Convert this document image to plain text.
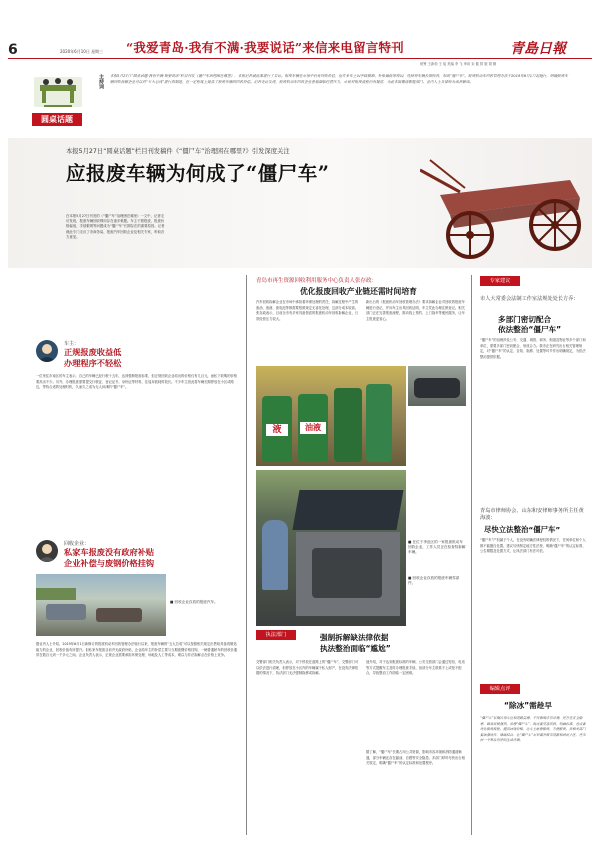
6	2020年6月10日 星期三 “我爱青岛·我有不满·我要说话”来信来电留言特刊	青島日報
统筹 王新勃 王 瑶 美编 李 飞 审读 宋 健 排 版 胡 勤
圆桌话题
主持词 本报5月27日“圆桌话题·我有不满·我要说话”栏目刊发《僵尸车治理困在哪里》，本报记者就此事进行了采访。报废车辆在市场中仍有回收价值，但许多车主因手续繁琐、补贴偏低等原因，选择将车辆长期停放，形成“僵尸车”。报废机动车回收管理办法于2019年6月1日起施行，明确报废车辆回收拆解企业可以对“五大总成”进行再制造，在一定程度上提高了报废车辆的回收价值。记者走访发现，报废机动车回收企业普遍面临经营压力，市民对报废流程仍有疑虑，为此本版邀请职能部门、业内人士及律师为读者解读。
本报5月27日“圆桌话题”栏目刊发稿件《“僵尸车”治理困在哪里?》引发深度关注
应报废车辆为何成了“僵尸车”
在本报5月27日刊发的《“僵尸车”治理困在哪里》一文中，记者走访发现，报废车辆回收利用存在诸多难题。车主不愿报废、报废价格偏低、手续繁琐等问题成为“僵尸车”长期存在的重要原因。记者就此专门走访了市商务局、报废汽车回收企业及相关专家，听取各方意见。
车主：
正规报废收益低
办理程序不轻松
一位家住市南区的车主表示，自己的车辆已经行驶十五年，达到强制报废标准，但正规回收企业给出的价格仅有几百元，而私下收购的价格要高出不少。另外，办理报废需要提交行驶证、登记证书、身份证等材料，往返奔波耗时较长。不少车主因此将车辆长期停放在小区或路边，等待合适的处理时机，久而久之成为无人问津的“僵尸车”。
回收企业：
私家车报废没有政府补贴
企业补偿与废钢价格挂钩
■ 回收企业存放的报废汽车。
据业内人士介绍，2019年6月1日新修订的报废机动车回收管理办法施行以来，报废车辆的“五大总成”可以按照相关规定出售给具备再制造能力的企业，回收价值有所提升。但私家车报废目前并无政府补贴，企业给车主的补偿主要与当期废钢价格挂钩，一辆普通轿车的回收价通常在数百元到一千多元之间。企业负责人表示，正规企业需要承担环保处理、场地及人工等成本，难以与非法拆解点在价格上竞争。
青岛市再生资源回收利用服务中心负责人张存政：
优化报废回收产业链还需时间培育
汽车回收拆解企业在市场中承担着环保处理的责任，拆解过程中产生的废油、废液、废电池等都需要按照规定无害化处理，这部分成本较高。张存政表示，目前全市有多家具备资质的报废机动车回收拆解企业，日常经营压力较大。
新出台的《报废机动车回收管理办法》要求拆解企业对回收的报废车辆进行登记，并向车主出具回收证明，车主凭此办理注销登记。相关部门正在完善报废流程，推动线上预约、上门拖车等便民服务，让车主报废更省心。
液	油液
■ 在位于李沧区的一家报废机动车回收企业，工作人员正在检查待拆解车辆。
■ 回收企业存放的报废车辆零部件。
执法部门	强制拆解缺法律依据
执法整治面临“尴尬”
交警部门相关负责人表示，对于停放在道路上的“僵尸车”，交警部门可以依法进行清理，但停放在小区内的车辆属于私人财产，在没有法律依据的情况下，执法部门无法强制拖移或拆解。
他介绍，对于达到报废标准的车辆，公安交管部门会通过短信、电话等方式提醒车主及时办理报废手续，但部分车主联系不上或拒不配合，导致整治工作面临一定困难。
据了解，“僵尸车”长期占用公共资源，影响市容环境和消防通道畅通，部分车辆还存在漏油、自燃等安全隐患。多部门呼吁尽快出台相关规定，明确“僵尸车”的认定标准和处置程序。
专家建议
市人大常委会法制工作室法规处处长方乔：
多部门密切配合
依法整治“僵尸车”
“僵尸车”的治理涉及公安、交通、城管、商务、街道及物业等多个部门和单位，需要多部门密切配合，形成合力。我市正在研究出台相关管理规定，对“僵尸车”的认定、告知、拖移、处置等环节作出明确规定，为依法整治提供依据。
青岛市律师协会、山东和安律师事务所主任黄海波：
尽快立法整治“僵尸车”
“僵尸车”产权属于个人，在没有明确法律授权的情况下，任何单位和个人都不能擅自处置。建议尽快制定地方性法规，明确“僵尸车”的认定标准、公告期限及处置方式，让执法部门有法可依。
编辑点评
“除冰”需趁早
“僵尸车”长期占用车位和道路资源，不仅影响市容环境，还存在安全隐患，群众反映强烈。治理“僵尸车”，既需要完善法规、明确标准，也需要优化报废流程、提高回收价格，让车主愿意报废、方便报废。各相关部门要加强协作，堵疏结合，让“僵尸车”尽早离开城市道路和居民小区，还市民一个整洁有序的生活环境。
